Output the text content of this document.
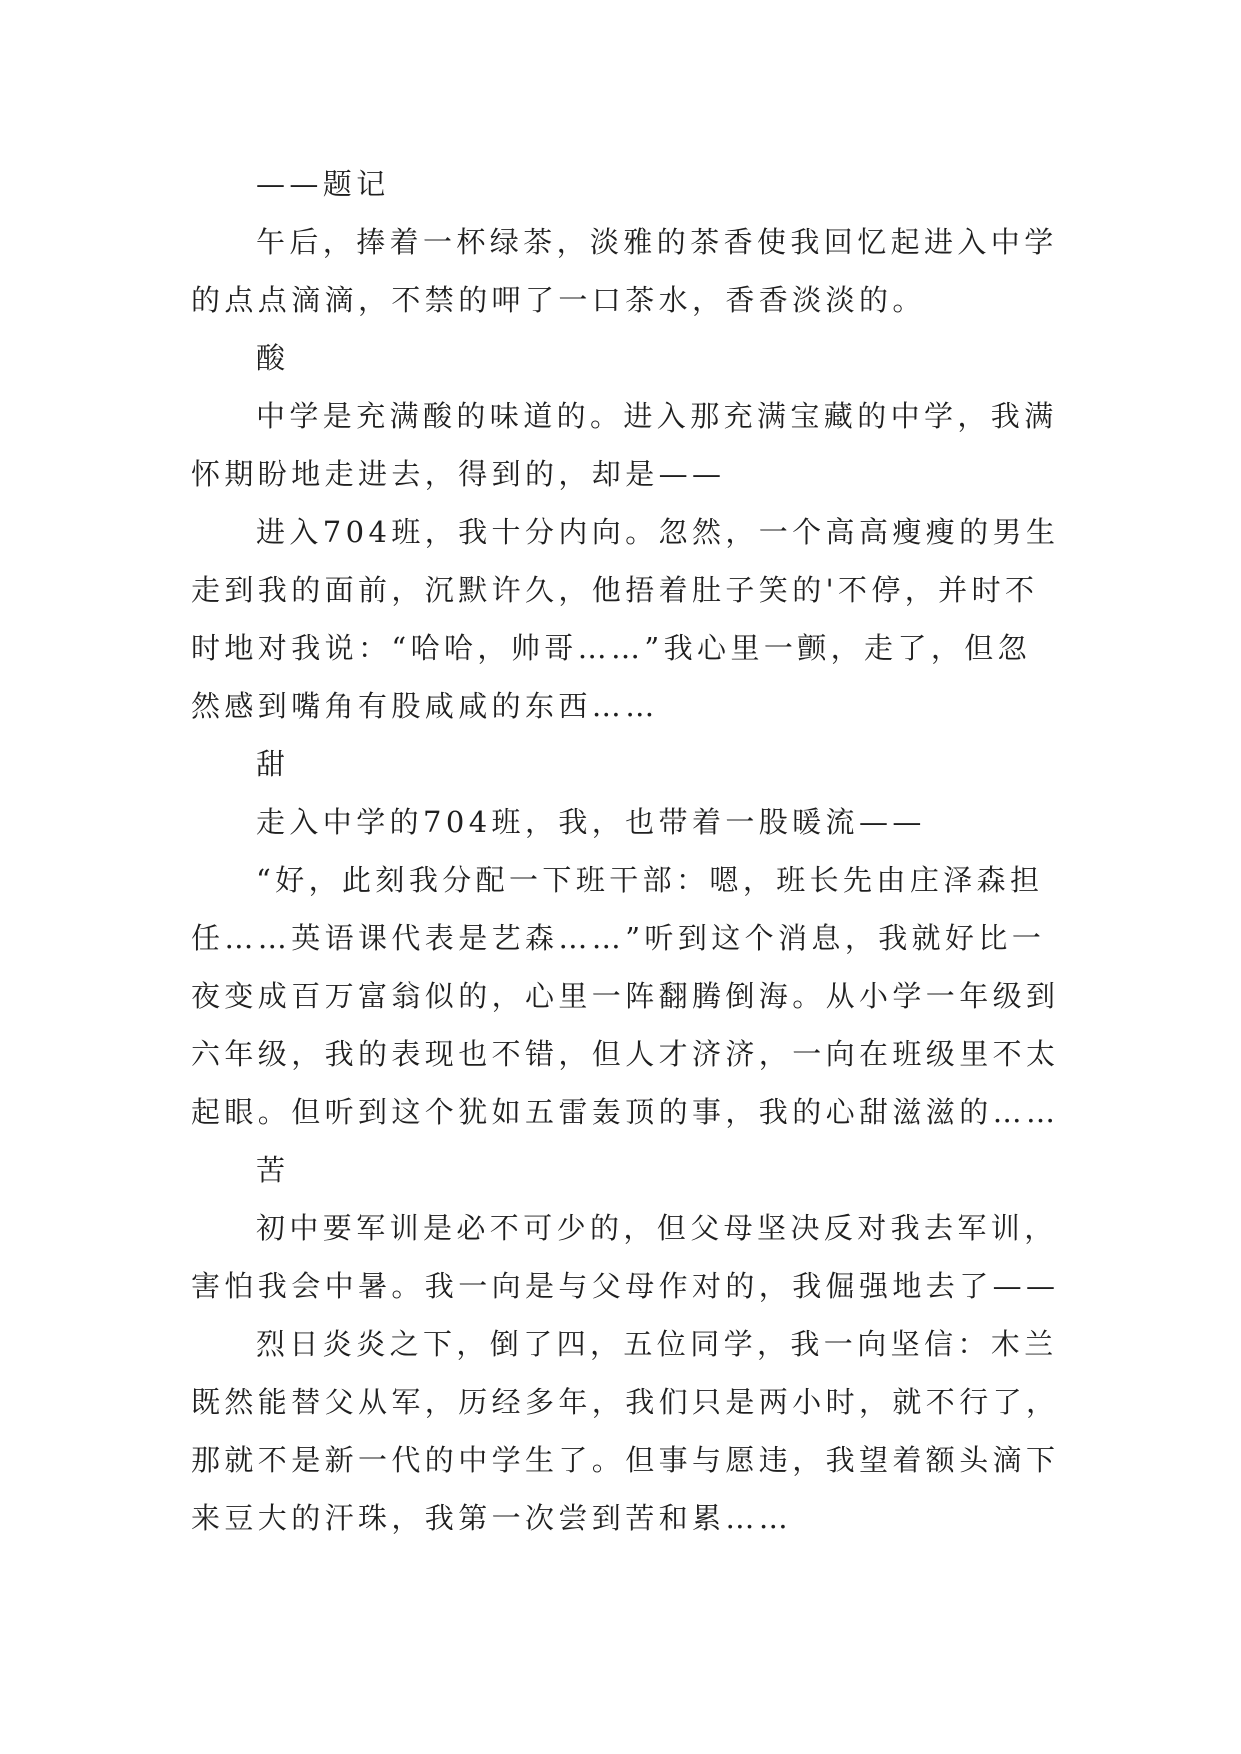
——题记
午后，捧着一杯绿茶，淡雅的茶香使我回忆起进入中学
的点点滴滴，不禁的呷了一口茶水，香香淡淡的。
酸
中学是充满酸的味道的。进入那充满宝藏的中学，我满
怀期盼地走进去，得到的，却是——
进入704班，我十分内向。忽然，一个高高瘦瘦的男生
走到我的面前，沉默许久，他捂着肚子笑的'不停，并时不
时地对我说：“哈哈，帅哥……”我心里一颤，走了，但忽
然感到嘴角有股咸咸的东西……
甜
走入中学的704班，我，也带着一股暖流——
“好，此刻我分配一下班干部：嗯，班长先由庄泽森担
任……英语课代表是艺森……”听到这个消息，我就好比一
夜变成百万富翁似的，心里一阵翻腾倒海。从小学一年级到
六年级，我的表现也不错，但人才济济，一向在班级里不太
起眼。但听到这个犹如五雷轰顶的事，我的心甜滋滋的……
苦
初中要军训是必不可少的，但父母坚决反对我去军训，
害怕我会中暑。我一向是与父母作对的，我倔强地去了——
烈日炎炎之下，倒了四，五位同学，我一向坚信：木兰
既然能替父从军，历经多年，我们只是两小时，就不行了，
那就不是新一代的中学生了。但事与愿违，我望着额头滴下
来豆大的汗珠，我第一次尝到苦和累……
